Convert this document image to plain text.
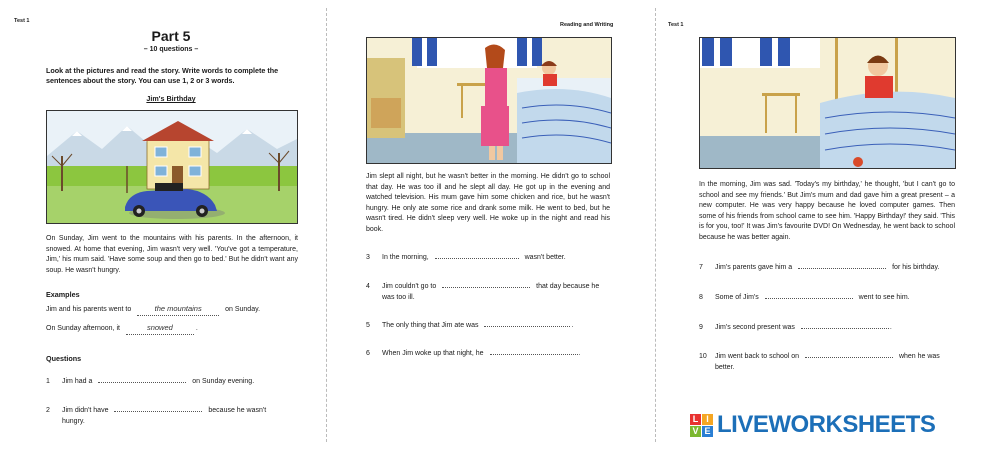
Test 1
Part 5
– 10 questions –
Look at the pictures and read the story. Write words to complete the sentences about the story. You can use 1, 2 or 3 words.
Jim's Birthday
On Sunday, Jim went to the mountains with his parents. In the afternoon, it snowed. At home that evening, Jim wasn't very well. 'You've got a temperature, Jim,' his mum said. 'Have some soup and then go to bed.' But he didn't want any soup. He wasn't hungry.
Examples
Jim and his parents went to	the mountains	on Sunday.
On Sunday afternoon, it	snowed	.
Questions
1 Jim had a	on Sunday evening.
2 Jim didn't have	because he wasn't
hungry.
Reading and Writing
Jim slept all night, but he wasn't better in the morning. He didn't go to school that day. He was too ill and he slept all day. He got up in the evening and watched television. His mum gave him some chicken and rice, but he wasn't hungry. He only ate some rice and drank some milk. He went to bed, but he wasn't tired. He didn't sleep very well. He woke up in the night and read his book.
3 In the morning,	wasn't better.
4 Jim couldn't go to	that day because he
was too ill.
5 The only thing that Jim ate was	.
6 When Jim woke up that night, he	.
Test 1
In the morning, Jim was sad. 'Today's my birthday,' he thought, 'but I can't go to school and see my friends.' But Jim's mum and dad gave him a great present – a new computer. He was very happy because he loved computer games. Then some of his friends from school came to see him. 'Happy Birthday!' they said. 'This is for you, too!' It was Jim's favourite DVD! On Wednesday, he went back to school because he was better again.
7 Jim's parents gave him a	for his birthday.
8 Some of Jim's	went to see him.
9 Jim's second present was	.
10 Jim went back to school on	when he was
better.
L I
V E LIVEWORKSHEETS
